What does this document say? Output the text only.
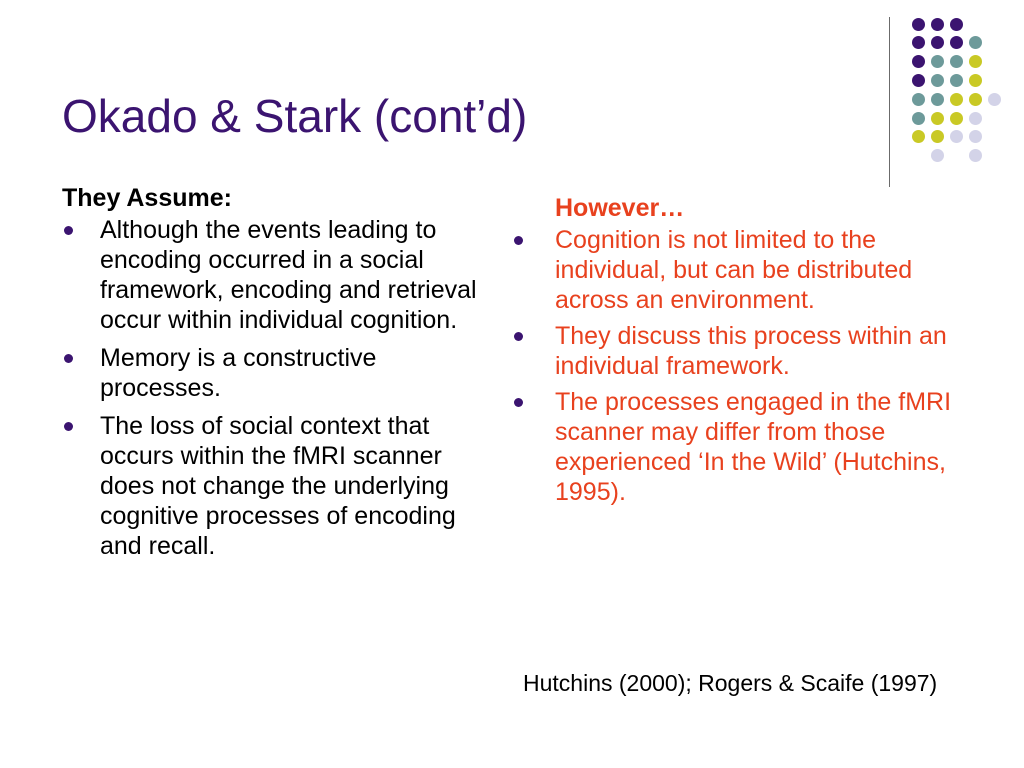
Okado & Stark (cont’d)

They Assume:

Although the events leading to encoding occurred in a social framework, encoding and retrieval occur within individual cognition.
Memory is a constructive processes.
The loss of social context that occurs within the fMRI scanner does not change the underlying cognitive processes of encoding and recall.

However…

Cognition is not limited to the individual, but can be distributed across an environment.
They discuss this process within an individual framework.
The processes engaged in the fMRI scanner may differ from those experienced ‘In the Wild’ (Hutchins, 1995).
Hutchins (2000); Rogers & Scaife (1997)
